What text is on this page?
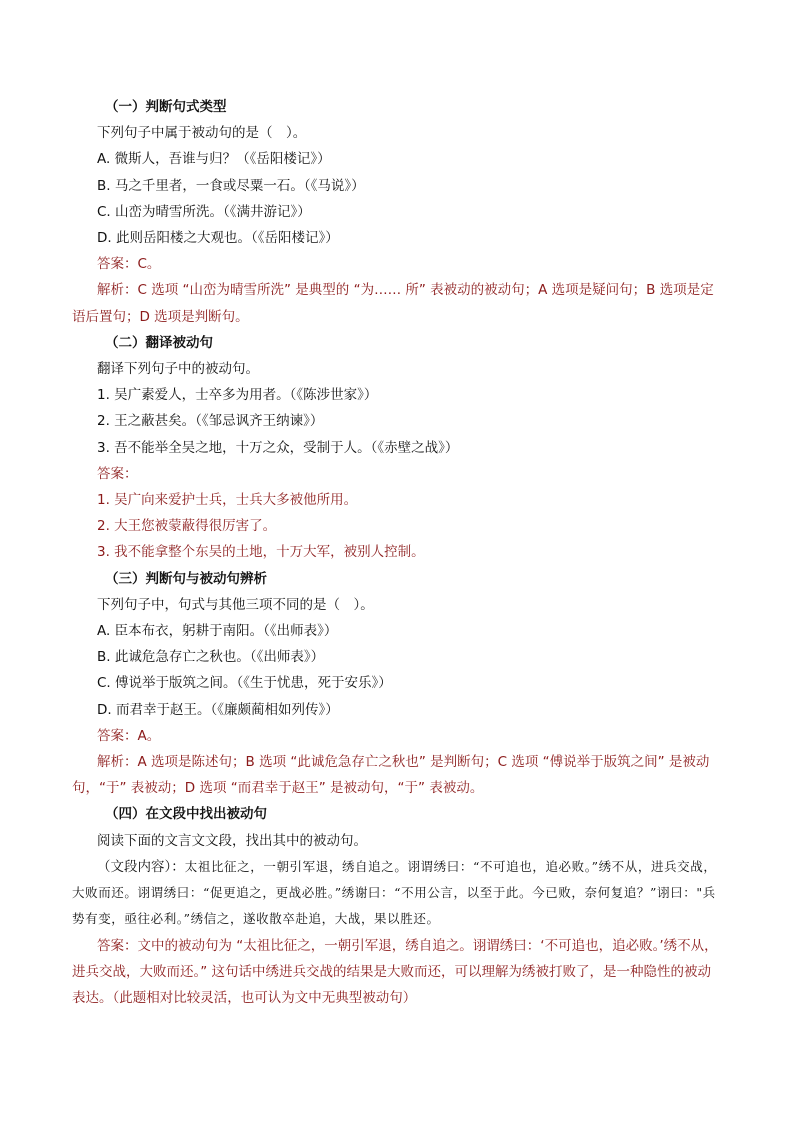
（一）判断句式类型

下列句子中属于被动句的是（　）。

A. 微斯人，吾谁与归？（《岳阳楼记》）

B. 马之千里者，一食或尽粟一石。（《马说》）

C. 山峦为晴雪所洗。（《满井游记》）

D. 此则岳阳楼之大观也。（《岳阳楼记》）

答案：C。

解析：C 选项 “山峦为晴雪所洗” 是典型的 “为…… 所” 表被动的被动句；A 选项是疑问句；B 选项是定语后置句；D 选项是判断句。

（二）翻译被动句

翻译下列句子中的被动句。

1. 吴广素爱人，士卒多为用者。（《陈涉世家》）

2. 王之蔽甚矣。（《邹忌讽齐王纳谏》）

3. 吾不能举全吴之地，十万之众，受制于人。（《赤壁之战》）

答案：

1. 吴广向来爱护士兵，士兵大多被他所用。

2. 大王您被蒙蔽得很厉害了。

3. 我不能拿整个东吴的土地，十万大军，被别人控制。

（三）判断句与被动句辨析

下列句子中，句式与其他三项不同的是（　）。

A. 臣本布衣，躬耕于南阳。（《出师表》）

B. 此诚危急存亡之秋也。（《出师表》）

C. 傅说举于版筑之间。（《生于忧患，死于安乐》）

D. 而君幸于赵王。（《廉颇蔺相如列传》）

答案：A。

解析：A 选项是陈述句；B 选项 “此诚危急存亡之秋也” 是判断句；C 选项 “傅说举于版筑之间” 是被动句，“于” 表被动；D 选项 “而君幸于赵王” 是被动句，“于” 表被动。

（四）在文段中找出被动句

阅读下面的文言文文段，找出其中的被动句。

（文段内容）：太祖比征之，一朝引军退，绣自追之。诩谓绣曰：“不可追也，追必败。”绣不从，进兵交战，大败而还。诩谓绣曰：“促更追之，更战必胜。”绣谢曰：“不用公言，以至于此。今已败，奈何复追？”诩曰："兵势有变，亟往必利。”绣信之，遂收散卒赴追，大战，果以胜还。

答案：文中的被动句为 “太祖比征之，一朝引军退，绣自追之。诩谓绣曰：‘不可追也，追必败。’绣不从，进兵交战，大败而还。” 这句话中绣进兵交战的结果是大败而还，可以理解为绣被打败了，是一种隐性的被动表达。（此题相对比较灵活，也可认为文中无典型被动句）
